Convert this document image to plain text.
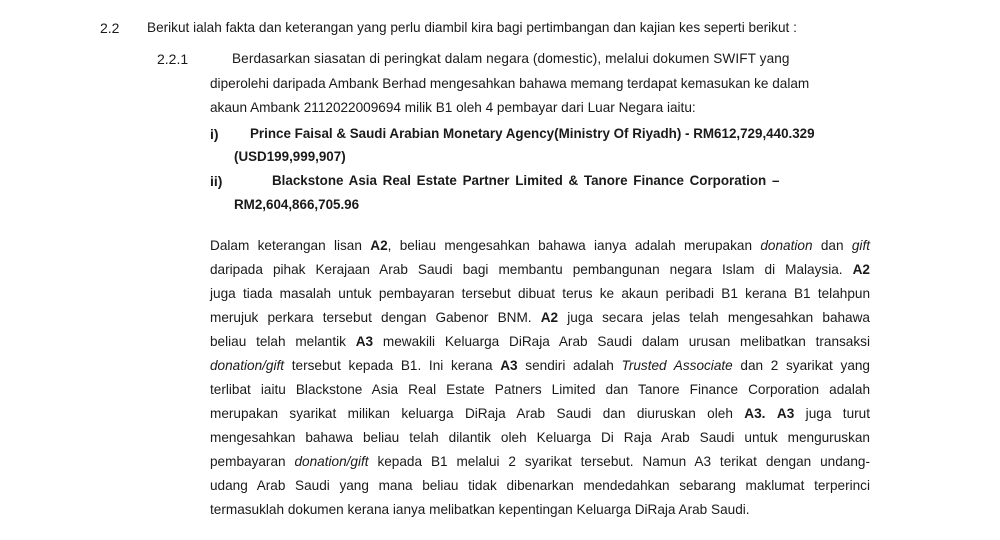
2.2 Berikut ialah fakta dan keterangan yang perlu diambil kira bagi pertimbangan dan kajian kes seperti berikut :
2.2.1	Berdasarkan siasatan di peringkat dalam negara (domestic), melalui dokumen SWIFT yang
diperolehi daripada Ambank Berhad mengesahkan bahawa memang terdapat kemasukan ke dalam
akaun Ambank 2112022009694 milik B1 oleh 4 pembayar dari Luar Negara iaitu:
i) Prince Faisal & Saudi Arabian Monetary Agency(Ministry Of Riyadh) - RM612,729,440.329
(USD199,999,907)
ii)	Blackstone Asia Real Estate Partner Limited & Tanore Finance Corporation –
RM2,604,866,705.96
Dalam keterangan lisan A2, beliau mengesahkan bahawa ianya adalah merupakan donation dan gift
daripada pihak Kerajaan Arab Saudi bagi membantu pembangunan negara Islam di Malaysia. A2
juga tiada masalah untuk pembayaran tersebut dibuat terus ke akaun peribadi B1 kerana B1 telahpun
merujuk perkara tersebut dengan Gabenor BNM. A2 juga secara jelas telah mengesahkan bahawa
beliau telah melantik A3 mewakili Keluarga DiRaja Arab Saudi dalam urusan melibatkan transaksi
donation/gift tersebut kepada B1. Ini kerana A3 sendiri adalah Trusted Associate dan 2 syarikat yang
terlibat iaitu Blackstone Asia Real Estate Patners Limited dan Tanore Finance Corporation adalah
merupakan syarikat milikan keluarga DiRaja Arab Saudi dan diuruskan oleh A3. A3 juga turut
mengesahkan bahawa beliau telah dilantik oleh Keluarga Di Raja Arab Saudi untuk menguruskan
pembayaran donation/gift kepada B1 melalui 2 syarikat tersebut. Namun A3 terikat dengan undang-
udang Arab Saudi yang mana beliau tidak dibenarkan mendedahkan sebarang maklumat terperinci
termasuklah dokumen kerana ianya melibatkan kepentingan Keluarga DiRaja Arab Saudi.
